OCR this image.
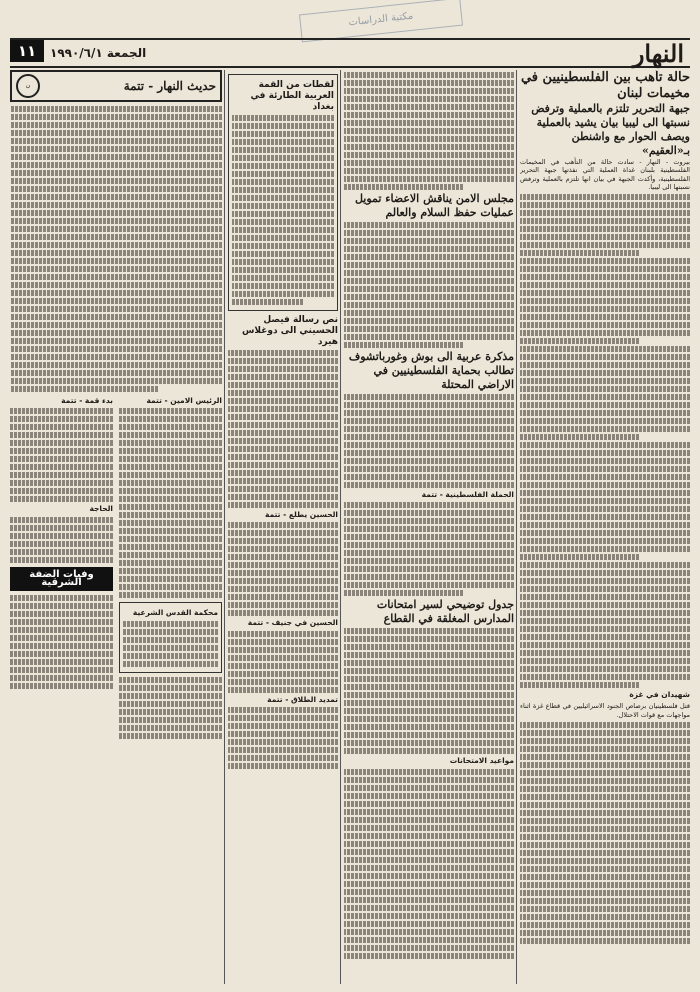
مكتبة الدراسات
النهار
الجمعة ١٩٩٠/٦/١
١١
حالة تأهب بين الفلسطينيين في مخيمات لبنان
جبهة التحرير تلتزم بالعملية وترفض نسبتها الى ليبيا بيان يشيد بالعملية ويصف الحوار مع واشنطن بـ«العقيم»

بيروت - النهار - سادت حالة من التأهب في المخيمات الفلسطينية بلبنان غداة العملية التي نفذتها جبهة التحرير الفلسطينية، وأكدت الجبهة في بيان انها تلتزم بالعملية وترفض نسبتها الى ليبيا.

شهيدان في غزة

قتل فلسطينيان برصاص الجنود الاسرائيليين في قطاع غزة اثناء مواجهات مع قوات الاحتلال.

مجلس الامن يناقش الاعضاء تمويل عمليات حفظ السلام والعالم
مذكرة عربية الى بوش وغورباتشوف تطالب بحماية الفلسطينيين في الاراضي المحتلة
الحملة الفلسطينية - تتمة
جدول توضيحي لسير امتحانات المدارس المغلقة في القطاع
مواعيد الامتحانات
لقطات من القمة العربية الطارئة في بغداد
نص رسالة فيصل الحسيني الى دوغلاس هيرد
الحسين يطلع - تتمة
الحسين في جنيف - تتمة
تمديد الطلاق - تتمة
حديث النهار - تتمة
ن
الرئيس الامين - تتمة
محكمة القدس الشرعية
بدء قمة - تتمة
الحاجة
وفيات الضفة الشرقية
